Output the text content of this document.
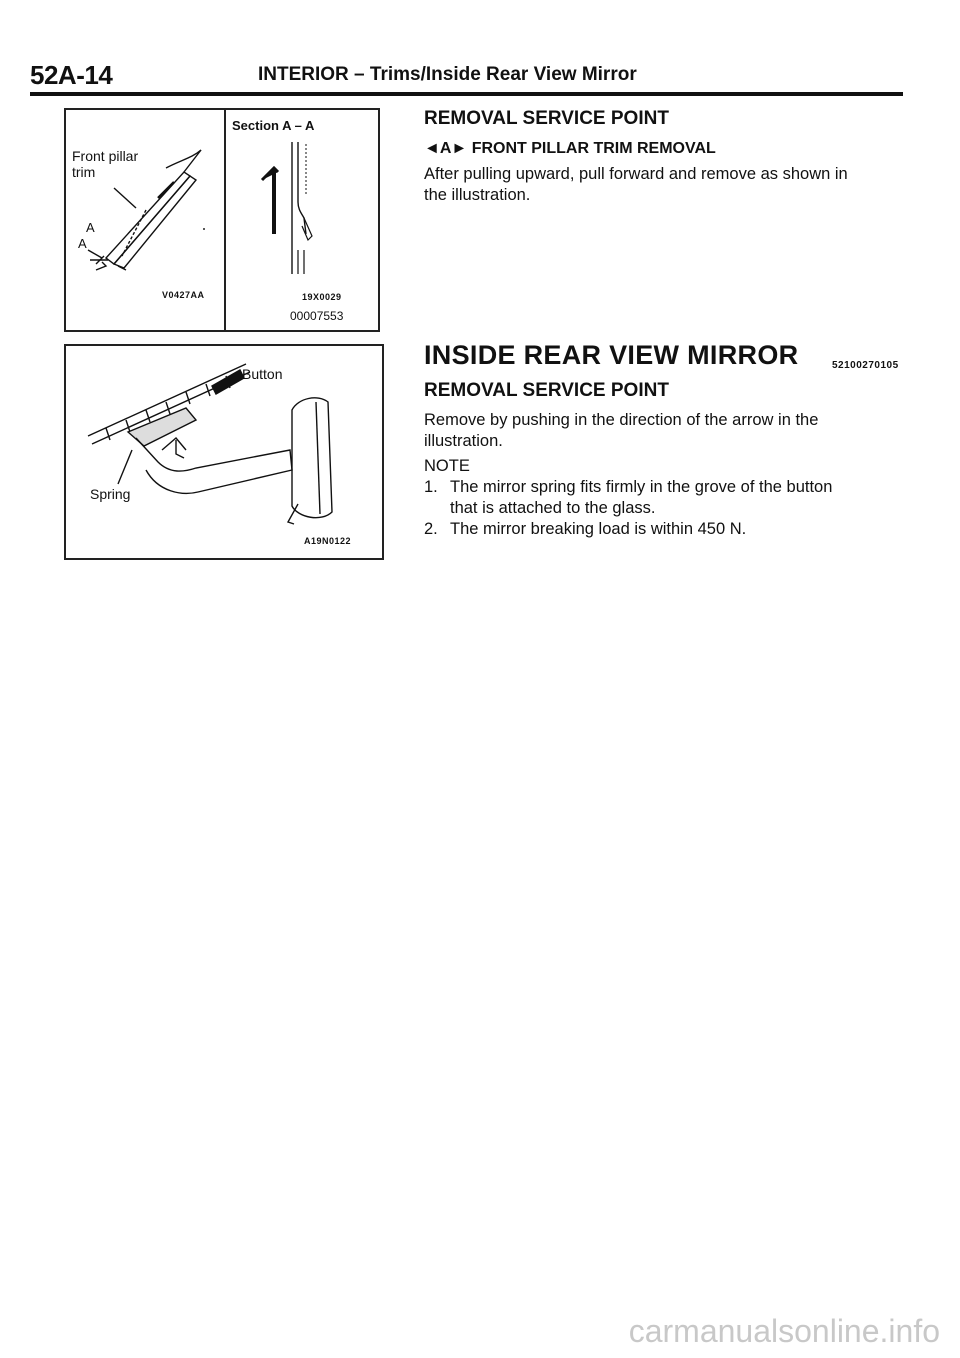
52A-14	INTERIOR – Trims/Inside Rear View Mirror
Front pillar
trim
A
A
V0427AA
Section A – A
19X0029
00007553
Button
Spring
A19N0122
REMOVAL SERVICE POINT
◄A► FRONT PILLAR TRIM REMOVAL
After pulling upward, pull forward and remove as shown in
the illustration.
INSIDE REAR VIEW MIRROR	52100270105
REMOVAL SERVICE POINT
Remove by pushing in the direction of the arrow in the
illustration.
NOTE
1. The mirror spring fits firmly in the grove of the button
that is attached to the glass.
2. The mirror breaking load is within 450 N.
carmanualsonline.info
